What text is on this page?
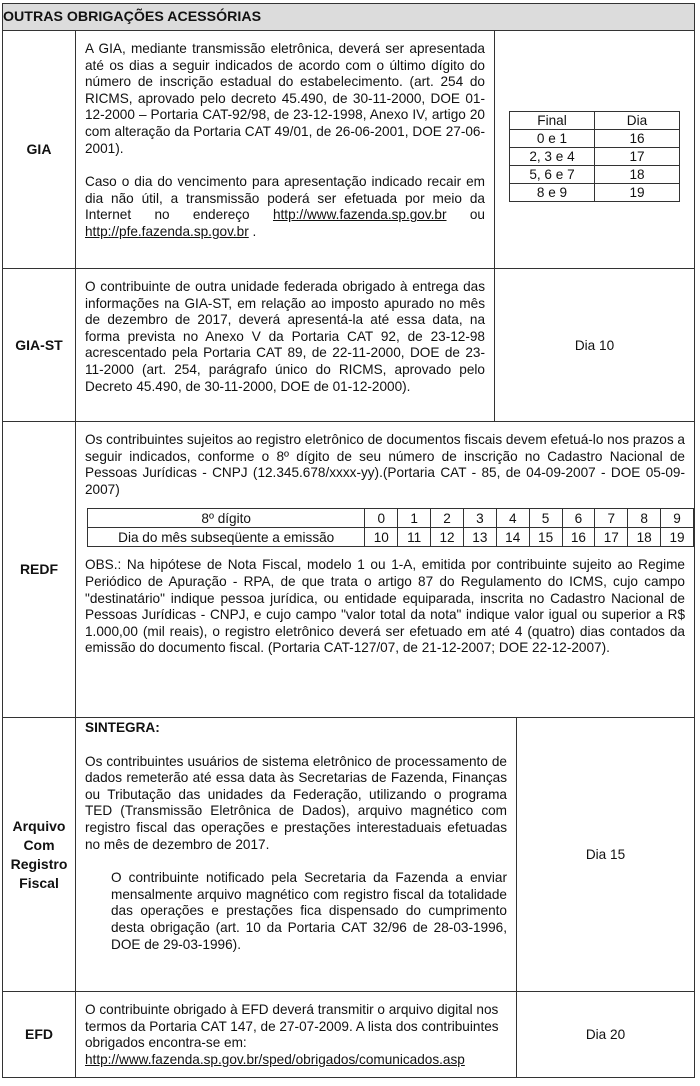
OUTRAS OBRIGAÇÕES ACESSÓRIAS
GIA

A GIA, mediante transmissão eletrônica, deverá ser apresentada até os dias a seguir indicados de acordo com o último dígito do número de inscrição estadual do estabelecimento. (art. 254 do RICMS, aprovado pelo decreto 45.490, de 30-11-2000, DOE 01-12-2000 – Portaria CAT-92/98, de 23-12-1998, Anexo IV, artigo 20 com alteração da Portaria CAT 49/01, de 26-06-2001, DOE 27-06-2001).

Caso o dia do vencimento para apresentação indicado recair em dia não útil, a transmissão poderá ser efetuada por meio da Internet no endereço http://www.fazenda.sp.gov.br ou http://pfe.fazenda.sp.gov.br .

Final	Dia
0 e 1	16
2, 3 e 4	17
5, 6 e 7	18
8 e 9	19
GIA-ST
O contribuinte de outra unidade federada obrigado à entrega das informações na GIA-ST, em relação ao imposto apurado no mês de dezembro de 2017, deverá apresentá-la até essa data, na forma prevista no Anexo V da Portaria CAT 92, de 23-12-98 acrescentado pela Portaria CAT 89, de 22-11-2000, DOE de 23-11-2000 (art. 254, parágrafo único do RICMS, aprovado pelo Decreto 45.490, de 30-11-2000, DOE de 01-12-2000).
Dia 10
REDF
Os contribuintes sujeitos ao registro eletrônico de documentos fiscais devem efetuá-lo nos prazos a seguir indicados, conforme o 8º dígito de seu número de inscrição no Cadastro Nacional de Pessoas Jurídicas - CNPJ (12.345.678/xxxx-yy).(Portaria CAT - 85, de 04-09-2007 - DOE 05-09-2007)
8º dígito	0	1	2	3	4	5	6	7	8	9
Dia do mês subseqüente a emissão	10	11	12	13	14	15	16	17	18	19
OBS.: Na hipótese de Nota Fiscal, modelo 1 ou 1-A, emitida por contribuinte sujeito ao Regime Periódico de Apuração - RPA, de que trata o artigo 87 do Regulamento do ICMS, cujo campo "destinatário" indique pessoa jurídica, ou entidade equiparada, inscrita no Cadastro Nacional de Pessoas Jurídicas - CNPJ, e cujo campo "valor total da nota" indique valor igual ou superior a R$ 1.000,00 (mil reais), o registro eletrônico deverá ser efetuado em até 4 (quatro) dias contados da emissão do documento fiscal. (Portaria CAT-127/07, de 21-12-2007; DOE 22-12-2007).
Arquivo Com Registro Fiscal

SINTEGRA:

Os contribuintes usuários de sistema eletrônico de processamento de dados remeterão até essa data às Secretarias de Fazenda, Finanças ou Tributação das unidades da Federação, utilizando o programa TED (Transmissão Eletrônica de Dados), arquivo magnético com registro fiscal das operações e prestações interestaduais efetuadas no mês de dezembro de 2017.

O contribuinte notificado pela Secretaria da Fazenda a enviar mensalmente arquivo magnético com registro fiscal da totalidade das operações e prestações fica dispensado do cumprimento desta obrigação (art. 10 da Portaria CAT 32/96 de 28-03-1996, DOE de 29-03-1996).

Dia 15
EFD

O contribuinte obrigado à EFD deverá transmitir o arquivo digital nos termos da Portaria CAT 147, de 27-07-2009. A lista dos contribuintes obrigados encontra-se em:

http://www.fazenda.sp.gov.br/sped/obrigados/comunicados.asp
Dia 20
